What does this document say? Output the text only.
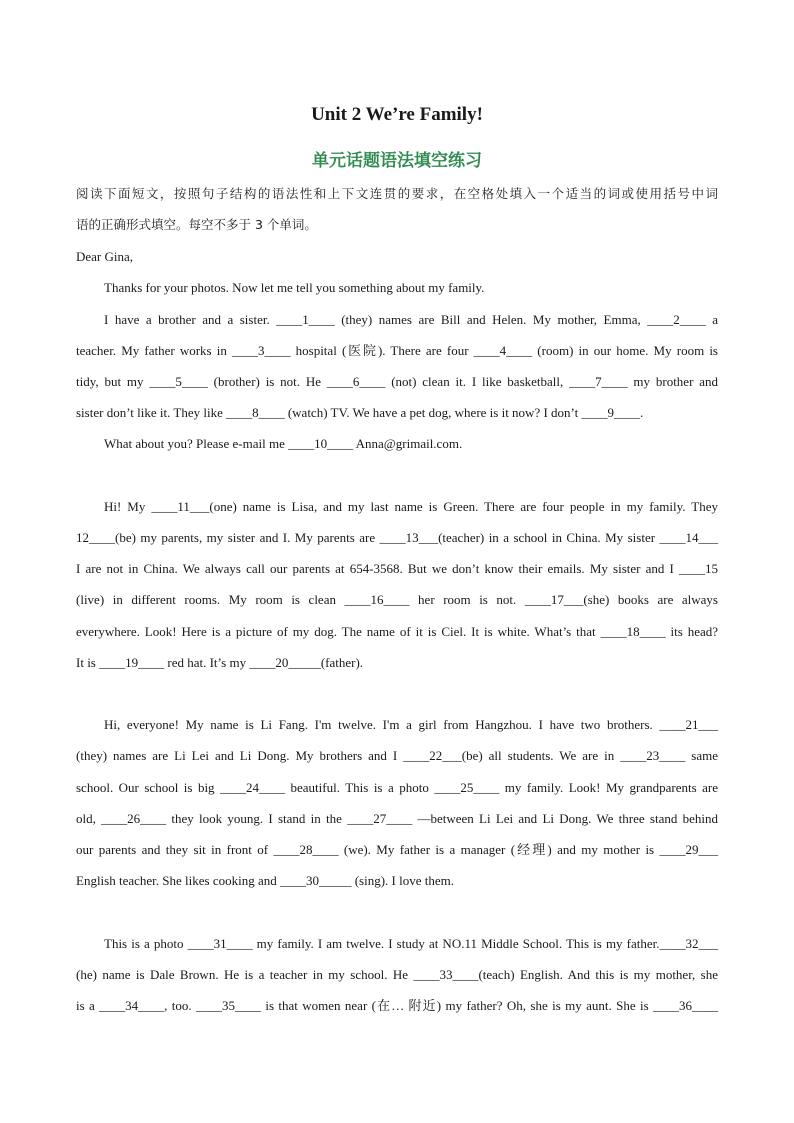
Unit 2 We’re Family!
单元话题语法填空练习
阅读下面短文，按照句子结构的语法性和上下文连贯的要求，在空格处填入一个适当的词或使用括号中词
语的正确形式填空。每空不多于 3 个单词。
Dear Gina,
Thanks for your photos. Now let me tell you something about my family.
I have a brother and a sister. ____1____ (they) names are Bill and Helen. My mother, Emma, ____2____ a
teacher. My father works in ____3____ hospital (医院). There are four ____4____ (room) in our home. My room is
tidy, but my ____5____ (brother) is not. He ____6____ (not) clean it. I like basketball, ____7____ my brother and
sister don’t like it. They like ____8____ (watch) TV. We have a pet dog, where is it now? I don’t ____9____.
What about you? Please e-mail me ____10____ Anna@grimail.com.
Hi! My ____11___(one) name is Lisa, and my last name is Green. There are four people in my family. They
12____(be) my parents, my sister and I. My parents are ____13___(teacher) in a school in China. My sister ____14___
I are not in China. We always call our parents at 654-3568. But we don’t know their emails. My sister and I ____15
(live) in different rooms. My room is clean ____16____ her room is not. ____17___(she) books are always
everywhere. Look! Here is a picture of my dog. The name of it is Ciel. It is white. What’s that ____18____ its head?
It is ____19____ red hat. It’s my ____20_____(father).
Hi, everyone! My name is Li Fang. I'm twelve. I'm a girl from Hangzhou. I have two brothers. ____21___
(they) names are Li Lei and Li Dong. My brothers and I ____22___(be) all students. We are in ____23____ same
school. Our school is big ____24____ beautiful. This is a photo ____25____ my family. Look! My grandparents are
old, ____26____ they look young. I stand in the ____27____ —between Li Lei and Li Dong. We three stand behind
our parents and they sit in front of ____28____ (we). My father is a manager (经理) and my mother is ____29___
English teacher. She likes cooking and ____30_____ (sing). I love them.
This is a photo ____31____ my family. I am twelve. I study at NO.11 Middle School. This is my father.____32___
(he) name is Dale Brown. He is a teacher in my school. He ____33____(teach) English. And this is my mother, she
is a ____34____, too. ____35____ is that women near (在… 附近) my father? Oh, she is my aunt. She is ____36____
